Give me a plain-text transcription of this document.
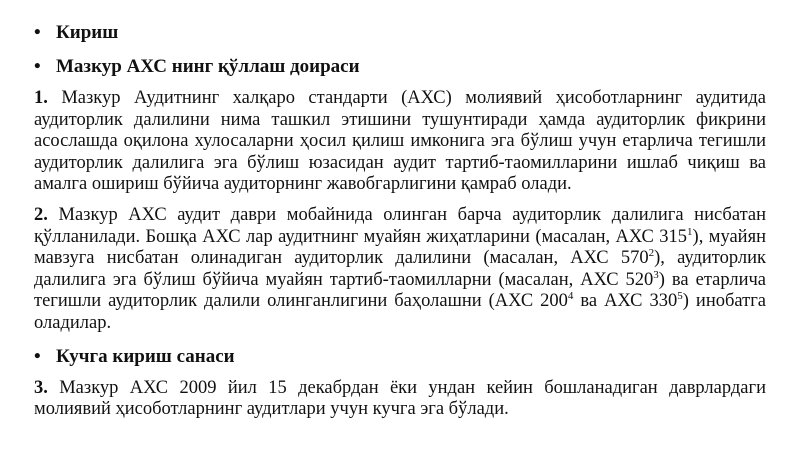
• Кириш
• Мазкур АХС нинг қўллаш доираси

1. Мазкур Аудитнинг халқаро стандарти (АХС) молиявий ҳисоботларнинг аудитида аудиторлик далилини нима ташкил этишини тушунтиради ҳамда аудиторлик фикрини асослашда оқилона хулосаларни ҳосил қилиш имконига эга бўлиш учун етарлича тегишли аудиторлик далилига эга бўлиш юзасидан аудит тартиб-таомилларини ишлаб чиқиш ва амалга ошириш бўйича аудиторнинг жавобгарлигини қамраб олади.

2. Мазкур АХС аудит даври мобайнида олинган барча аудиторлик далилига нисбатан қўлланилади. Бошқа АХС лар аудитнинг муайян жиҳатларини (масалан, АХС $315^1$), муайян мавзуга нисбатан олинадиган аудиторлик далилини (масалан, АХС $570^2$), аудиторлик далилига эга бўлиш бўйича муайян тартиб-таомилларни (масалан, АХС $520^3$) ва етарлича тегишли аудиторлик далили олинганлигини баҳолашни (АХС $200^4$ ва АХС $330^5$) инобатга оладилар.

• Кучга кириш санаси

3. Мазкур АХС 2009 йил 15 декабрдан ёки ундан кейин бошланадиган даврлардаги молиявий ҳисоботларнинг аудитлари учун кучга эга бўлади.
